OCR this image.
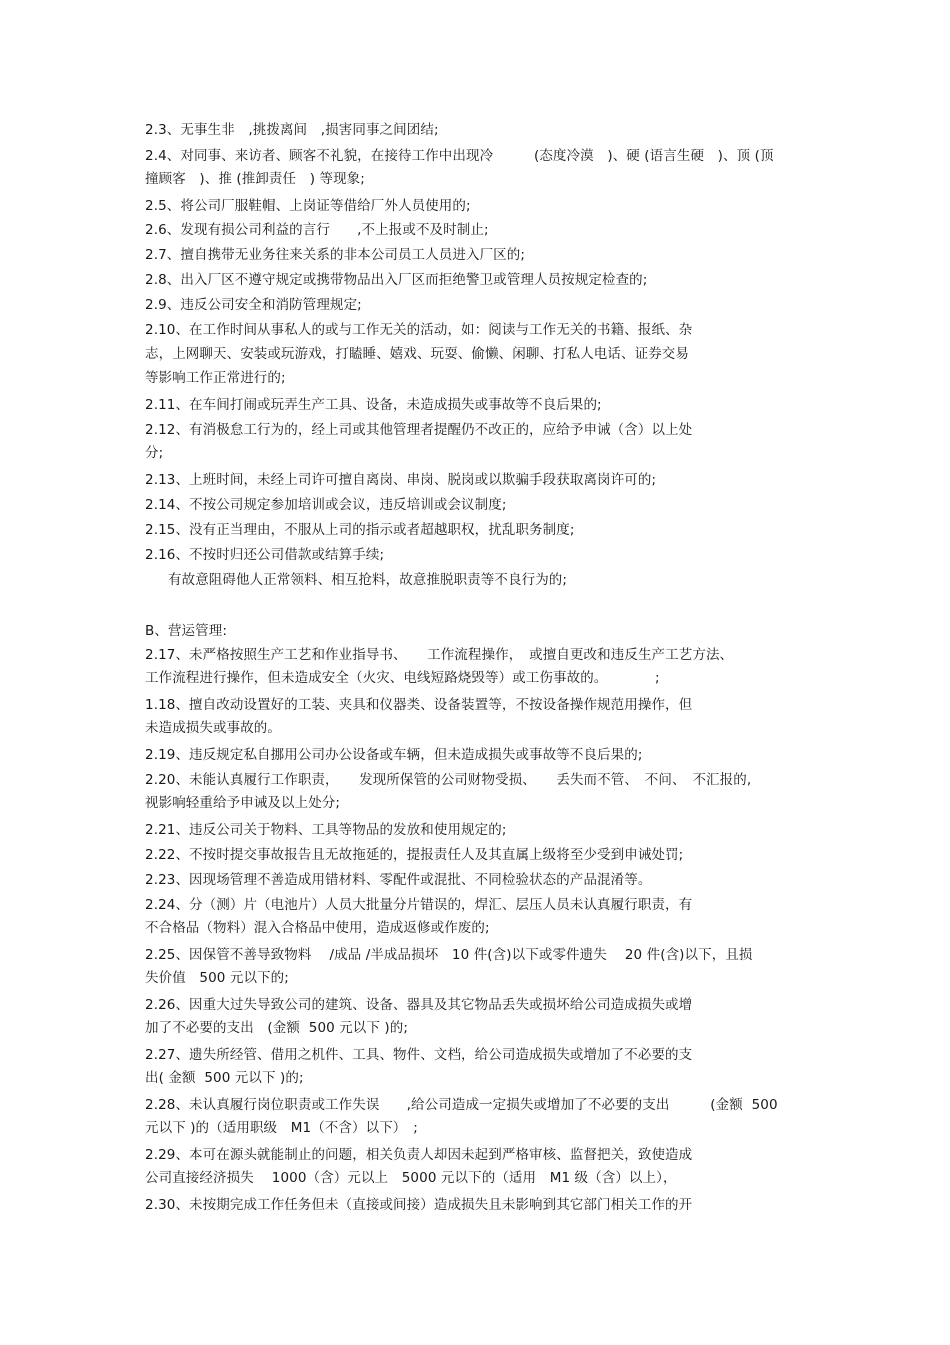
2.3、无事生非　,挑拨离间　,损害同事之间团结;
2.4、对同事、来访者、顾客不礼貌，在接待工作中出现冷　　　(态度冷漠　)、硬 (语言生硬　)、顶 (顶
撞顾客　)、推 (推卸责任　) 等现象;
2.5、将公司厂服鞋帽、上岗证等借给厂外人员使用的;
2.6、发现有损公司利益的言行　　,不上报或不及时制止;
2.7、擅自携带无业务往来关系的非本公司员工人员进入厂区的;
2.8、出入厂区不遵守规定或携带物品出入厂区而拒绝警卫或管理人员按规定检查的;
2.9、违反公司安全和消防管理规定;
2.10、在工作时间从事私人的或与工作无关的活动，如：阅读与工作无关的书籍、报纸、杂
志，上网聊天、安装或玩游戏，打瞌睡、嬉戏、玩耍、偷懒、闲聊、打私人电话、证券交易
等影响工作正常进行的;
2.11、在车间打闹或玩弄生产工具、设备，未造成损失或事故等不良后果的;
2.12、有消极怠工行为的，经上司或其他管理者提醒仍不改正的，应给予申诫（含）以上处
分;
2.13、上班时间，未经上司许可擅自离岗、串岗、脱岗或以欺骗手段获取离岗许可的;
2.14、不按公司规定参加培训或会议，违反培训或会议制度;
2.15、没有正当理由，不服从上司的指示或者超越职权，扰乱职务制度;
2.16、不按时归还公司借款或结算手续;
有故意阻碍他人正常领料、相互抢料，故意推脱职责等不良行为的;
B、营运管理:
2.17、未严格按照生产工艺和作业指导书、　　工作流程操作，　或擅自更改和违反生产工艺方法、
工作流程进行操作，但未造成安全（火灾、电线短路烧毁等）或工伤事故的。　　　　;
1.18、擅自改动设置好的工装、夹具和仪器类、设备装置等，不按设备操作规范用操作，但
未造成损失或事故的。
2.19、违反规定私自挪用公司办公设备或车辆，但未造成损失或事故等不良后果的;
2.20、未能认真履行工作职责，　　发现所保管的公司财物受损、　　丢失而不管、　不问、　不汇报的,
视影响轻重给予申诫及以上处分;
2.21、违反公司关于物料、工具等物品的发放和使用规定的;
2.22、不按时提交事故报告且无故拖延的，提报责任人及其直属上级将至少受到申诫处罚;
2.23、因现场管理不善造成用错材料、零配件或混批、不同检验状态的产品混淆等。
2.24、分（测）片（电池片）人员大批量分片错误的，焊汇、层压人员未认真履行职责，有
不合格品（物料）混入合格品中使用，造成返修或作废的;
2.25、因保管不善导致物料　 /成品 /半成品损坏　10 件(含)以下或零件遗失　 20 件(含)以下，且损
失价值　500 元以下的;
2.26、因重大过失导致公司的建筑、设备、器具及其它物品丢失或损坏给公司造成损失或增
加了不必要的支出　(金额  500 元以下 )的;
2.27、遗失所经管、借用之机件、工具、物件、文档，给公司造成损失或增加了不必要的支
出( 金额  500 元以下 )的;
2.28、未认真履行岗位职责或工作失误　　,给公司造成一定损失或增加了不必要的支出　　　(金额  500
元以下 )的（适用职级　M1（不含）以下）　;
2.29、本可在源头就能制止的问题，相关负责人却因未起到严格审核、监督把关，致使造成
公司直接经济损失　 1000（含）元以上　5000 元以下的（适用　M1 级（含）以上），
2.30、未按期完成工作任务但未（直接或间接）造成损失且未影响到其它部门相关工作的开
